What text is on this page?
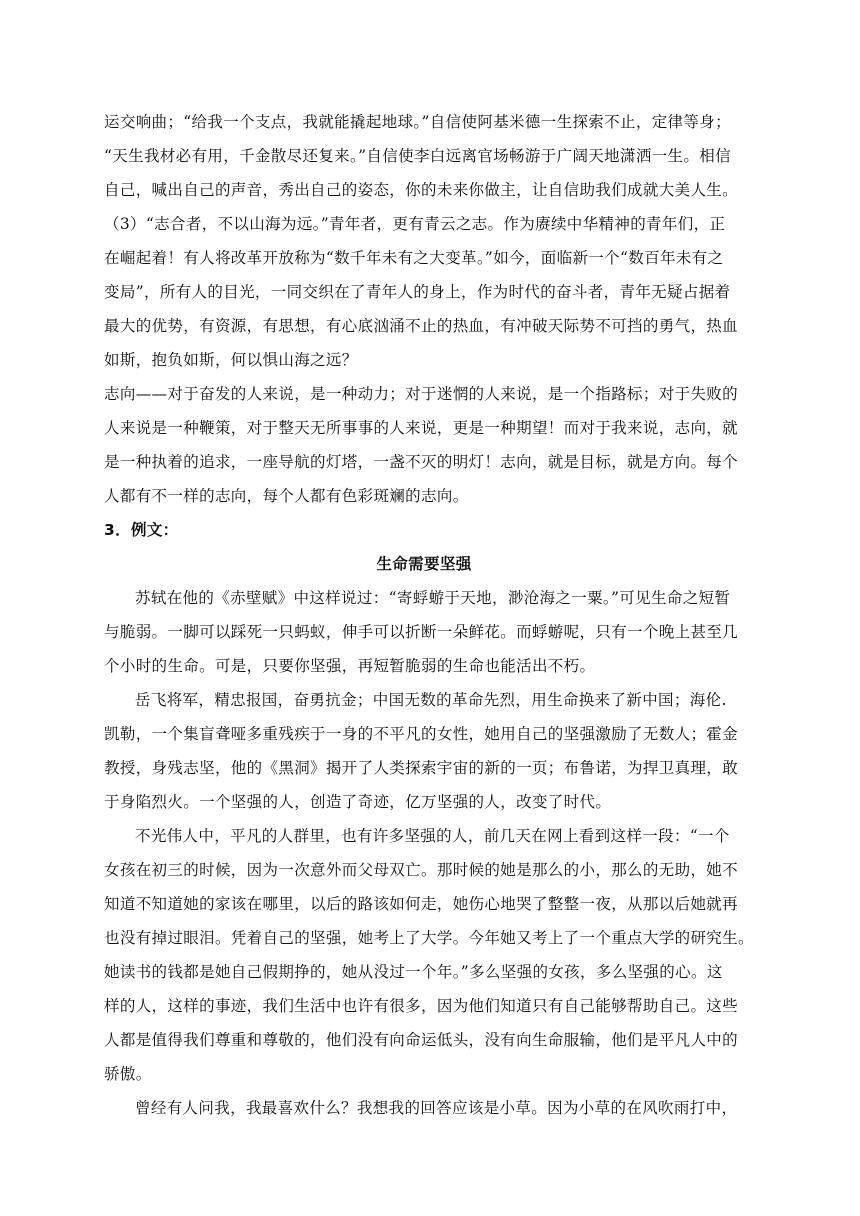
运交响曲；“给我一个支点，我就能撬起地球。”自信使阿基米德一生探索不止，定律等身；
“天生我材必有用，千金散尽还复来。”自信使李白远离官场畅游于广阔天地潇洒一生。相信
自己，喊出自己的声音，秀出自己的姿态，你的未来你做主，让自信助我们成就大美人生。
（3）“志合者，不以山海为远。”青年者，更有青云之志。作为赓续中华精神的青年们，正
在崛起着！有人将改革开放称为“数千年未有之大变革。”如今，面临新一个“数百年未有之
变局”，所有人的目光，一同交织在了青年人的身上，作为时代的奋斗者，青年无疑占据着
最大的优势，有资源，有思想，有心底汹涌不止的热血，有冲破天际势不可挡的勇气，热血
如斯，抱负如斯，何以惧山海之远？
志向——对于奋发的人来说，是一种动力；对于迷惘的人来说，是一个指路标；对于失败的
人来说是一种鞭策，对于整天无所事事的人来说，更是一种期望！而对于我来说，志向，就
是一种执着的追求，一座导航的灯塔，一盏不灭的明灯！志向，就是目标，就是方向。每个
人都有不一样的志向，每个人都有色彩斑斓的志向。
3．例文：
生命需要坚强
苏轼在他的《赤壁赋》中这样说过：“寄蜉蝣于天地，渺沧海之一粟。”可见生命之短暂
与脆弱。一脚可以踩死一只蚂蚁，伸手可以折断一朵鲜花。而蜉蝣呢，只有一个晚上甚至几
个小时的生命。可是，只要你坚强，再短暂脆弱的生命也能活出不朽。
岳飞将军，精忠报国，奋勇抗金；中国无数的革命先烈，用生命换来了新中国；海伦.
凯勒，一个集盲聋哑多重残疾于一身的不平凡的女性，她用自己的坚强激励了无数人；霍金
教授，身残志坚，他的《黑洞》揭开了人类探索宇宙的新的一页；布鲁诺，为捍卫真理，敢
于身陷烈火。一个坚强的人，创造了奇迹，亿万坚强的人，改变了时代。
不光伟人中，平凡的人群里，也有许多坚强的人，前几天在网上看到这样一段：“一个
女孩在初三的时候，因为一次意外而父母双亡。那时候的她是那么的小，那么的无助，她不
知道不知道她的家该在哪里，以后的路该如何走，她伤心地哭了整整一夜，从那以后她就再
也没有掉过眼泪。凭着自己的坚强，她考上了大学。今年她又考上了一个重点大学的研究生。
她读书的钱都是她自己假期挣的，她从没过一个年。”多么坚强的女孩，多么坚强的心。这
样的人，这样的事迹，我们生活中也许有很多，因为他们知道只有自己能够帮助自己。这些
人都是值得我们尊重和尊敬的，他们没有向命运低头，没有向生命服输，他们是平凡人中的
骄傲。
曾经有人问我，我最喜欢什么？我想我的回答应该是小草。因为小草的在风吹雨打中，
